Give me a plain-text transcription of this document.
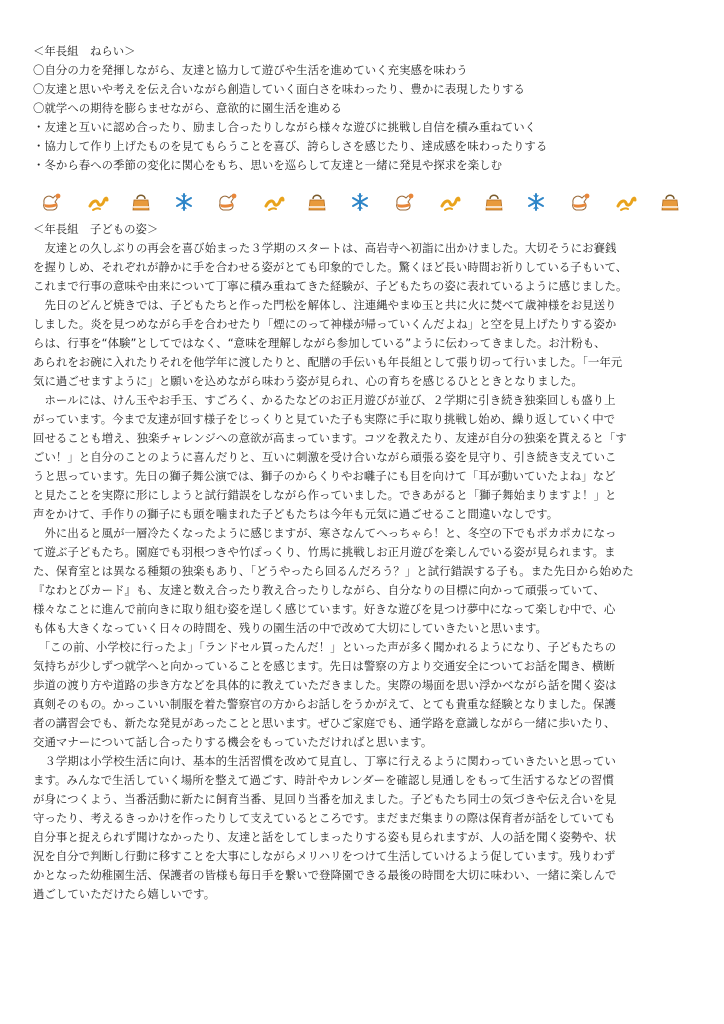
＜年長組　ねらい＞
〇自分の力を発揮しながら、友達と協力して遊びや生活を進めていく充実感を味わう
〇友達と思いや考えを伝え合いながら創造していく面白さを味わったり、豊かに表現したりする
〇就学への期待を膨らませながら、意欲的に園生活を進める
・友達と互いに認め合ったり、励まし合ったりしながら様々な遊びに挑戦し自信を積み重ねていく
・協力して作り上げたものを見てもらうことを喜び、誇らしさを感じたり、達成感を味わったりする
・冬から春への季節の変化に関心をもち、思いを巡らして友達と一緒に発見や探求を楽しむ
＜年長組　子どもの姿＞
　友達との久しぶりの再会を喜び始まった３学期のスタートは、高岩寺へ初詣に出かけました。大切そうにお賽銭
を握りしめ、それぞれが静かに手を合わせる姿がとても印象的でした。驚くほど長い時間お祈りしている子もいて、
これまで行事の意味や由来について丁寧に積み重ねてきた経験が、子どもたちの姿に表れているように感じました。
　先日のどんど焼きでは、子どもたちと作った門松を解体し、注連縄やまゆ玉と共に火に焚べて歳神様をお見送り
しました。炎を見つめながら手を合わせたり「煙にのって神様が帰っていくんだよね」と空を見上げたりする姿か
らは、行事を“体験”としてではなく、“意味を理解しながら参加している”ように伝わってきました。お汁粉も、
あられをお碗に入れたりそれを他学年に渡したりと、配膳の手伝いも年長組として張り切って行いました。「一年元
気に過ごせますように」と願いを込めながら味わう姿が見られ、心の育ちを感じるひとときとなりました。
　ホールには、けん玉やお手玉、すごろく、かるたなどのお正月遊びが並び、２学期に引き続き独楽回しも盛り上
がっています。今まで友達が回す様子をじっくりと見ていた子も実際に手に取り挑戦し始め、繰り返していく中で
回せることも増え、独楽チャレンジへの意欲が高まっています。コツを教えたり、友達が自分の独楽を貰えると「す
ごい！」と自分のことのように喜んだりと、互いに刺激を受け合いながら頑張る姿を見守り、引き続き支えていこ
うと思っています。先日の獅子舞公演では、獅子のからくりやお囃子にも目を向けて「耳が動いていたよね」など
と見たことを実際に形にしようと試行錯誤をしながら作っていました。できあがると「獅子舞始まりますよ！」と
声をかけて、手作りの獅子にも頭を噛まれた子どもたちは今年も元気に過ごせること間違いなしです。
　外に出ると風が一層冷たくなったように感じますが、寒さなんてへっちゃら！と、冬空の下でもポカポカになっ
て遊ぶ子どもたち。園庭でも羽根つきや竹ぽっくり、竹馬に挑戦しお正月遊びを楽しんでいる姿が見られます。ま
た、保育室とは異なる種類の独楽もあり、「どうやったら回るんだろう？」と試行錯誤する子も。また先日から始めた
『なわとびカード』も、友達と数え合ったり教え合ったりしながら、自分なりの目標に向かって頑張っていて、
様々なことに進んで前向きに取り組む姿を逞しく感じています。好きな遊びを見つけ夢中になって楽しむ中で、心
も体も大きくなっていく日々の時間を、残りの園生活の中で改めて大切にしていきたいと思います。
　「この前、小学校に行ったよ」「ランドセル買ったんだ！」といった声が多く聞かれるようになり、子どもたちの
気持ちが少しずつ就学へと向かっていることを感じます。先日は警察の方より交通安全についてお話を聞き、横断
歩道の渡り方や道路の歩き方などを具体的に教えていただきました。実際の場面を思い浮かべながら話を聞く姿は
真剣そのもの。かっこいい制服を着た警察官の方からお話しをうかがえて、とても貴重な経験となりました。保護
者の講習会でも、新たな発見があったことと思います。ぜひご家庭でも、通学路を意識しながら一緒に歩いたり、
交通マナーについて話し合ったりする機会をもっていただければと思います。
　３学期は小学校生活に向け、基本的生活習慣を改めて見直し、丁寧に行えるように関わっていきたいと思ってい
ます。みんなで生活していく場所を整えて過ごす、時計やカレンダーを確認し見通しをもって生活するなどの習慣
が身につくよう、当番活動に新たに飼育当番、見回り当番を加えました。子どもたち同士の気づきや伝え合いを見
守ったり、考えるきっかけを作ったりして支えているところです。まだまだ集まりの際は保育者が話をしていても
自分事と捉えられず聞けなかったり、友達と話をしてしまったりする姿も見られますが、人の話を聞く姿勢や、状
況を自分で判断し行動に移すことを大事にしながらメリハリをつけて生活していけるよう促しています。残りわず
かとなった幼稚園生活、保護者の皆様も毎日手を繋いで登降園できる最後の時間を大切に味わい、一緒に楽しんで
過ごしていただけたら嬉しいです。
